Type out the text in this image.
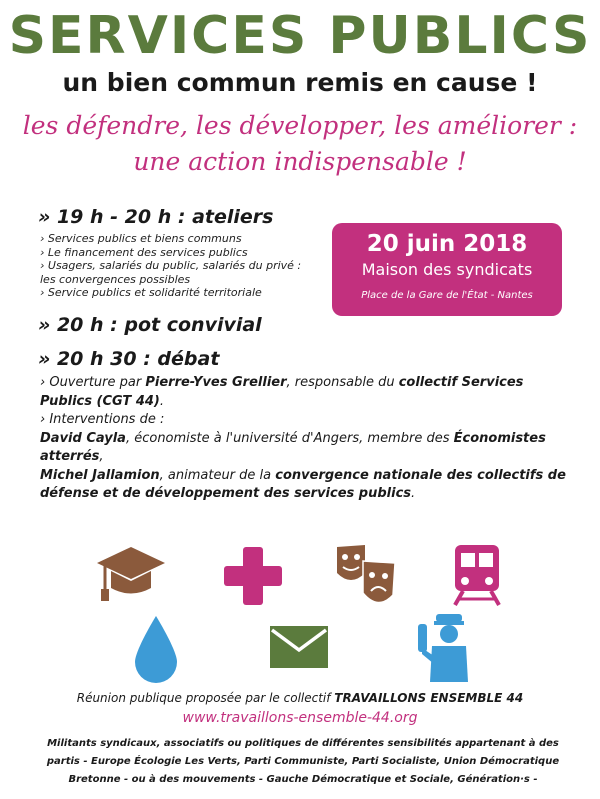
SERVICES PUBLICS
un bien commun remis en cause !
les défendre, les développer, les améliorer :
une action indispensable !
» 19 h - 20 h : ateliers
› Services publics et biens communs
› Le financement des services publics
› Usagers, salariés du public, salariés du privé : les convergences possibles
› Service publics et solidarité territoriale
20 juin 2018
Maison des syndicats
Place de la Gare de l'État - Nantes
» 20 h : pot convivial
» 20 h 30 : débat
› Ouverture par Pierre-Yves Grellier, responsable du collectif Services Publics (CGT 44).
› Interventions de :
David Cayla, économiste à l'université d'Angers, membre des Économistes atterrés,
Michel Jallamion, animateur de la convergence nationale des collectifs de défense et de développement des services publics.
Réunion publique proposée par le collectif TRAVAILLONS ENSEMBLE 44
www.travaillons-ensemble-44.org
Militants syndicaux, associatifs ou politiques de différentes sensibilités appartenant à des partis - Europe Écologie Les Verts, Parti Communiste, Parti Socialiste, Union Démocratique Bretonne - ou à des mouvements - Gauche Démocratique et Sociale, Génération·s -
